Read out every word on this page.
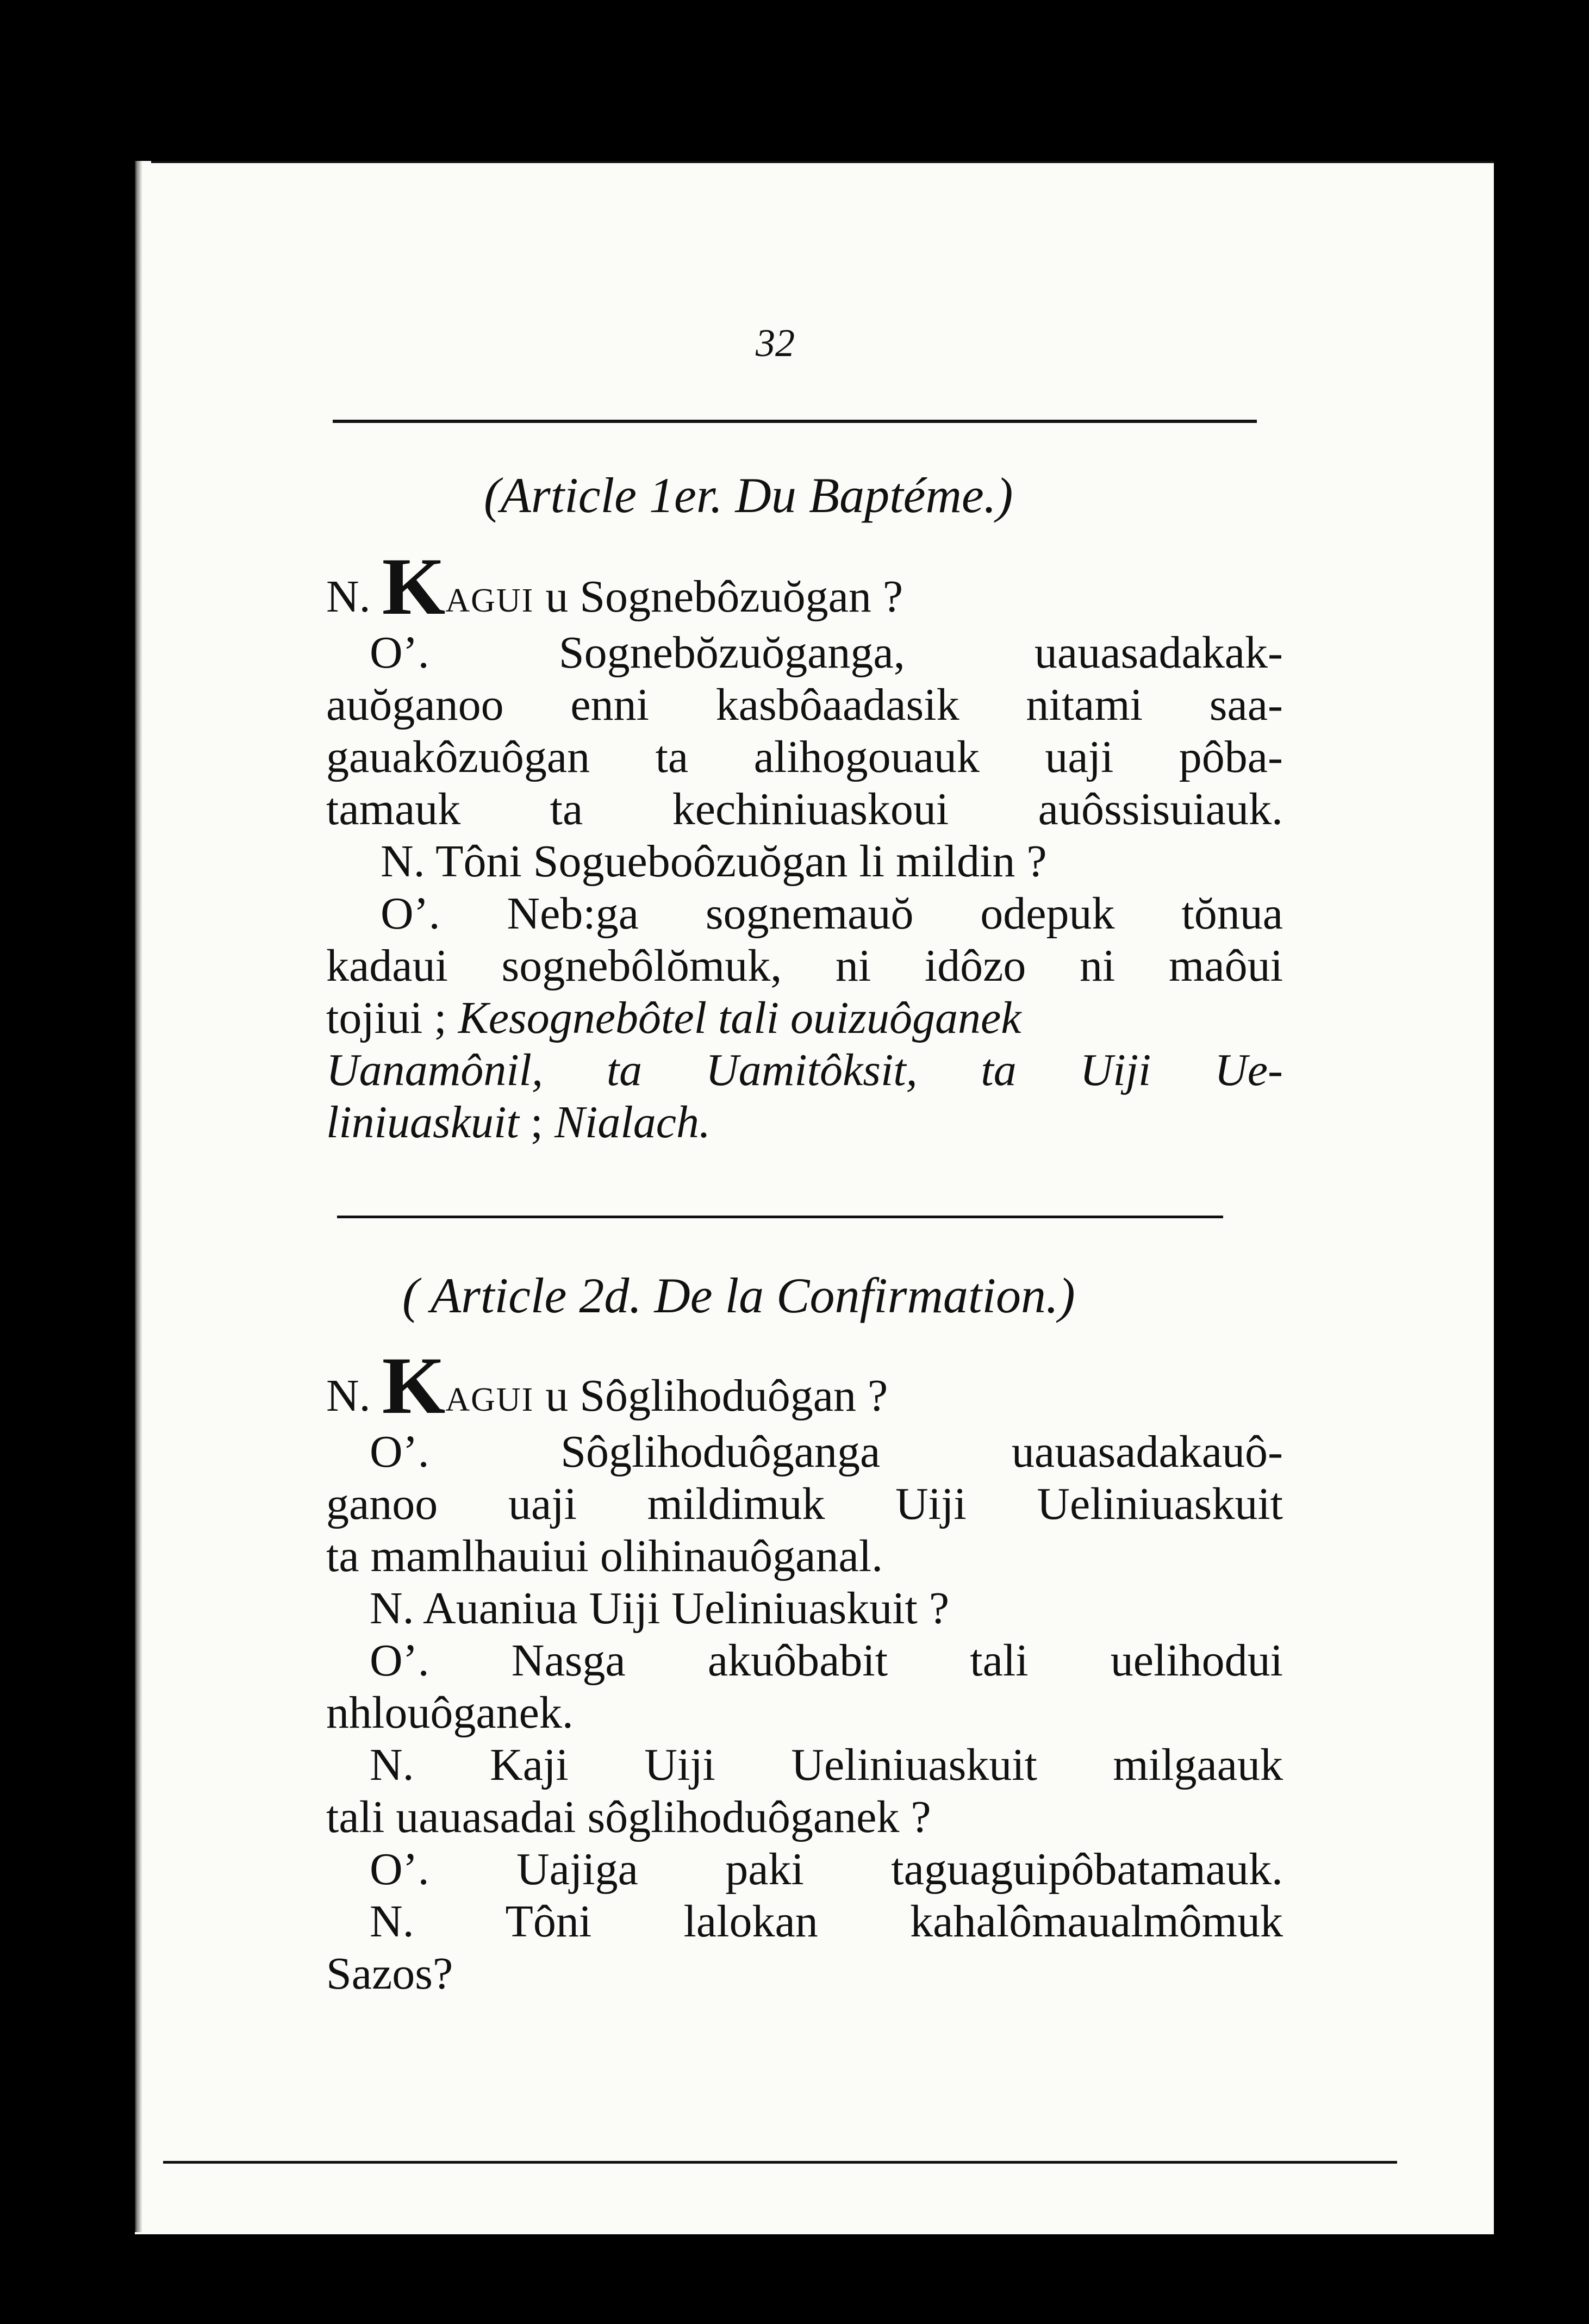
32
(Article 1er. Du Baptéme.)
N. KAGUI u Sognebôzuŏgan ?
O’.	Sognebŏzuŏganga, uauasadakak-
auŏganoo enni kasbôaadasik nitami saa-
gauakôzuôgan ta alihogouauk uaji pôba-
tamauk ta kechiniuaskoui auôssisuiauk.
N. Tôni Sogueboôzuŏgan li mildin ?
O’. Neb:ga sognemauŏ odepuk tŏnua
kadaui sognebôlŏmuk, ni idôzo ni maôui
tojiui ; Kesognebôtel tali ouizuôganek
Uanamônil, ta Uamitôksit, ta Uiji Ue-
liniuaskuit ; Nialach.
( Article 2d. De la Confirmation.)
N. KAGUI u Sôglihoduôgan ?
O’.	Sôglihoduôganga uauasadakauô-
ganoo uaji mildimuk Uiji Ueliniuaskuit
ta mamlhauiui olihinauôganal.
N. Auaniua Uiji Ueliniuaskuit ?
O’. Nasga akuôbabit tali uelihodui
nhlouôganek.
N. Kaji Uiji Ueliniuaskuit milgaauk
tali uauasadai sôglihoduôganek ?
O’. Uajiga paki taguaguipôbatamauk.
N. Tôni lalokan kahalômaualmômuk
Sazos?
